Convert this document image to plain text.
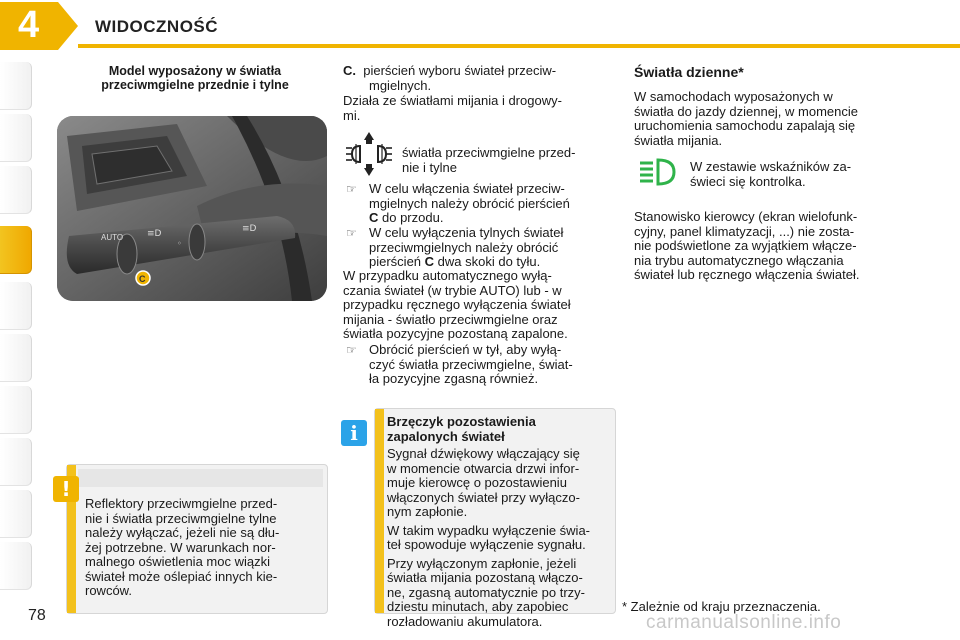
4	WIDOCZNOŚĆ
78
Model wyposażony w światła
przeciwmgielne przednie i tylne
AUTO	≡D
◦
≡D
C
Reflektory przeciwmgielne przed-
nie i światła przeciwmgielne tylne
należy wyłączać, jeżeli nie są dłu-
żej potrzebne. W warunkach nor-
malnego oświetlenia moc wiązki
świateł może oślepiać innych kie-
rowców.
!
C. pierścień wyboru świateł przeciw-
mgielnych.
Działa ze światłami mijania i drogowy-
mi.
światła przeciwmgielne przed-
nie i tylne
☞ W celu włączenia świateł przeciw-
mgielnych należy obrócić pierścień
C do przodu.
☞ W celu wyłączenia tylnych świateł
przeciwmgielnych należy obrócić
pierścień C dwa skoki do tyłu.
W przypadku automatycznego wyłą-
czania świateł (w trybie AUTO) lub - w
przypadku ręcznego wyłączenia świateł
mijania - światło przeciwmgielne oraz
światła pozycyjne pozostaną zapalone.
☞ Obrócić pierścień w tył, aby wyłą-
czyć światła przeciwmgielne, świat-
ła pozycyjne zgasną również.
Brzęczyk pozostawienia
zapalonych świateł
Sygnał dźwiękowy włączający się
w momencie otwarcia drzwi infor-
muje kierowcę o pozostawieniu
włączonych świateł przy wyłączo-
nym zapłonie.
W takim wypadku wyłączenie świa-
teł spowoduje wyłączenie sygnału.
Przy wyłączonym zapłonie, jeżeli
światła mijania pozostaną włączo-
ne, zgasną automatycznie po trzy-
dziestu minutach, aby zapobiec
rozładowaniu akumulatora.
i
Światła dzienne*
W samochodach wyposażonych w
światła do jazdy dziennej, w momencie
uruchomienia samochodu zapalają się
światła mijania.
W zestawie wskaźników za-
świeci się kontrolka.
Stanowisko kierowcy (ekran wielofunk-
cyjny, panel klimatyzacji, ...) nie zosta-
nie podświetlone za wyjątkiem włącze-
nia trybu automatycznego włączania
świateł lub ręcznego włączenia świateł.
* Zależnie od kraju przeznaczenia.
carmanualsonline.info
